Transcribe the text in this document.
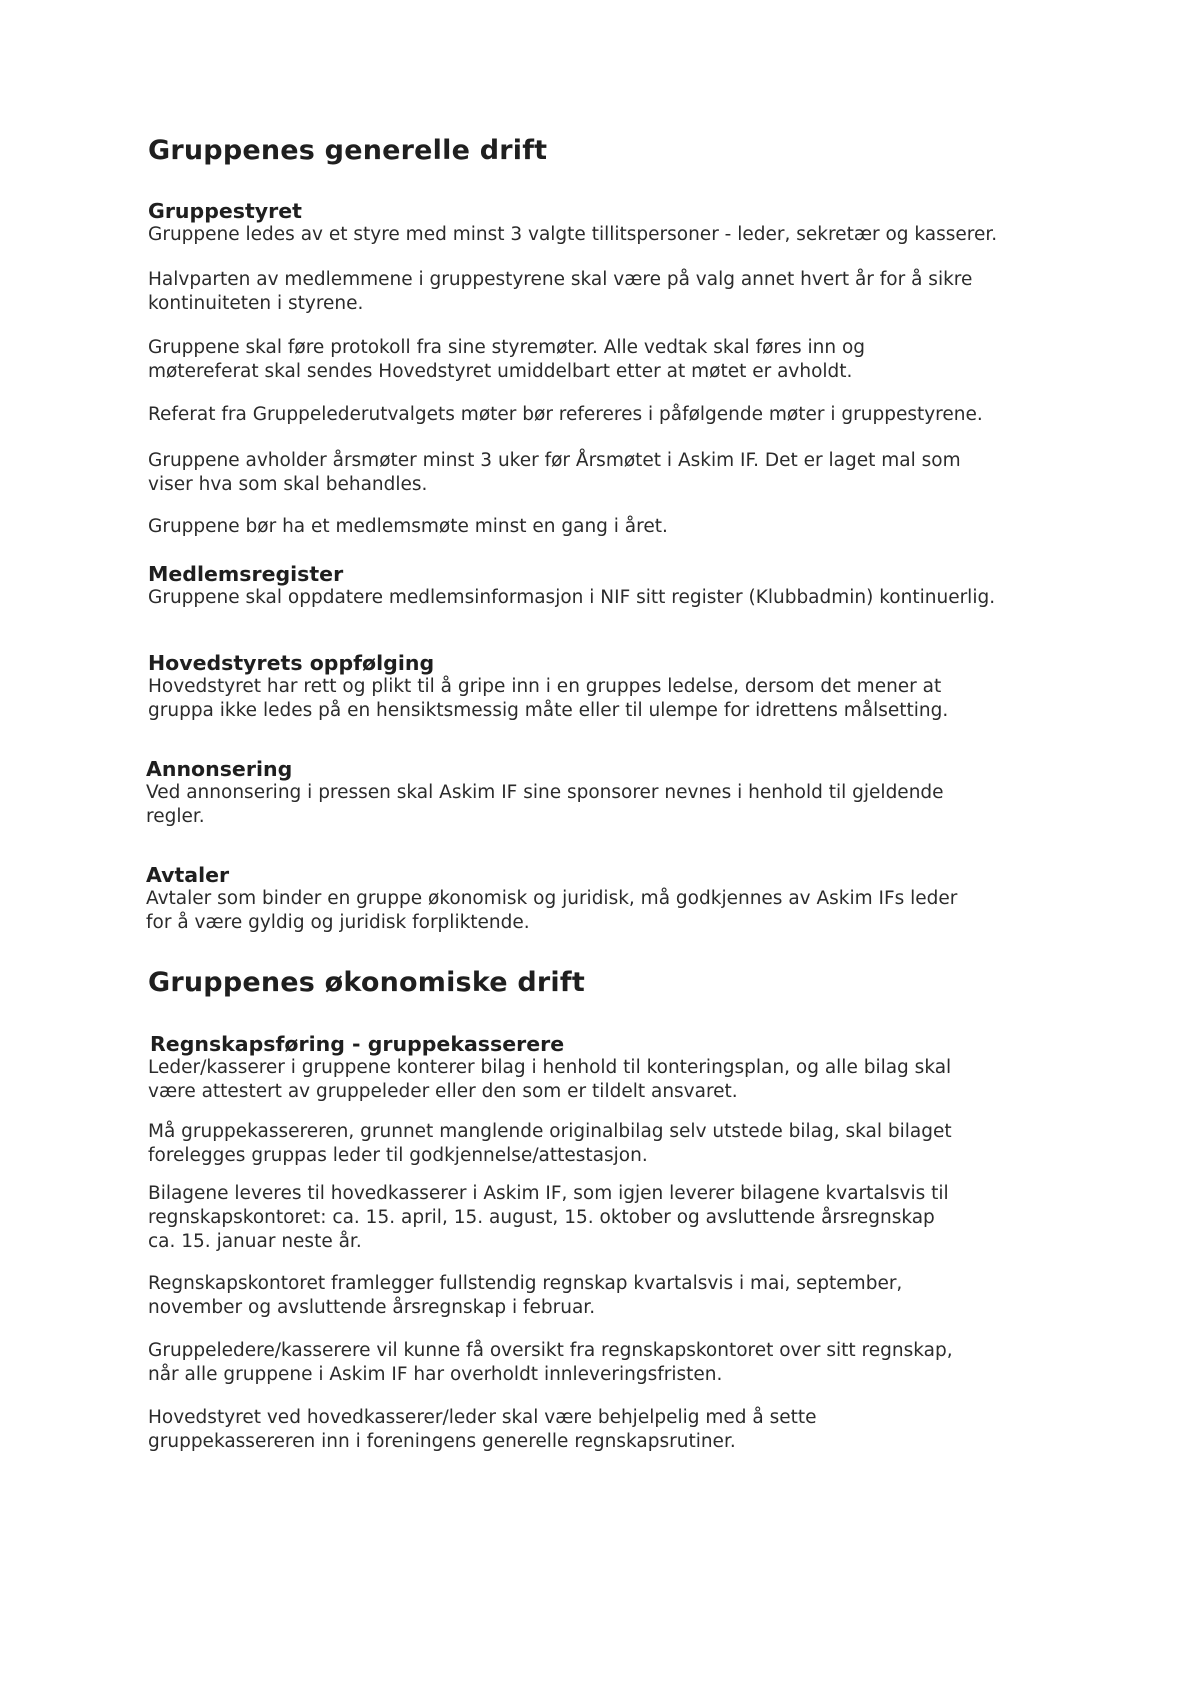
Gruppenes generelle drift
Gruppestyret
Gruppene ledes av et styre med minst 3 valgte tillitspersoner - leder, sekretær og kasserer.
Halvparten av medlemmene i gruppestyrene skal være på valg annet hvert år for å sikre
kontinuiteten i styrene.
Gruppene skal føre protokoll fra sine styremøter. Alle vedtak skal føres inn og
møtereferat skal sendes Hovedstyret umiddelbart etter at møtet er avholdt.
Referat fra Gruppelederutvalgets møter bør refereres i påfølgende møter i gruppestyrene.
Gruppene avholder årsmøter minst 3 uker før Årsmøtet i Askim IF. Det er laget mal som
viser hva som skal behandles.
Gruppene bør ha et medlemsmøte minst en gang i året.
Medlemsregister
Gruppene skal oppdatere medlemsinformasjon i NIF sitt register (Klubbadmin) kontinuerlig.
Hovedstyrets oppfølging
Hovedstyret har rett og plikt til å gripe inn i en gruppes ledelse, dersom det mener at
gruppa ikke ledes på en hensiktsmessig måte eller til ulempe for idrettens målsetting.
Annonsering
Ved annonsering i pressen skal Askim IF sine sponsorer nevnes i henhold til gjeldende
regler.
Avtaler
Avtaler som binder en gruppe økonomisk og juridisk, må godkjennes av Askim IFs leder
for å være gyldig og juridisk forpliktende.
Gruppenes økonomiske drift
Regnskapsføring - gruppekasserere
Leder/kasserer i gruppene konterer bilag i henhold til konteringsplan, og alle bilag skal
være attestert av gruppeleder eller den som er tildelt ansvaret.
Må gruppekassereren, grunnet manglende originalbilag selv utstede bilag, skal bilaget
forelegges gruppas leder til godkjennelse/attestasjon.
Bilagene leveres til hovedkasserer i Askim IF, som igjen leverer bilagene kvartalsvis til
regnskapskontoret: ca. 15. april, 15. august, 15. oktober og avsluttende årsregnskap
ca. 15. januar neste år.
Regnskapskontoret framlegger fullstendig regnskap kvartalsvis i mai, september,
november og avsluttende årsregnskap i februar.
Gruppeledere/kasserere vil kunne få oversikt fra regnskapskontoret over sitt regnskap,
når alle gruppene i Askim IF har overholdt innleveringsfristen.
Hovedstyret ved hovedkasserer/leder skal være behjelpelig med å sette
gruppekassereren inn i foreningens generelle regnskapsrutiner.
